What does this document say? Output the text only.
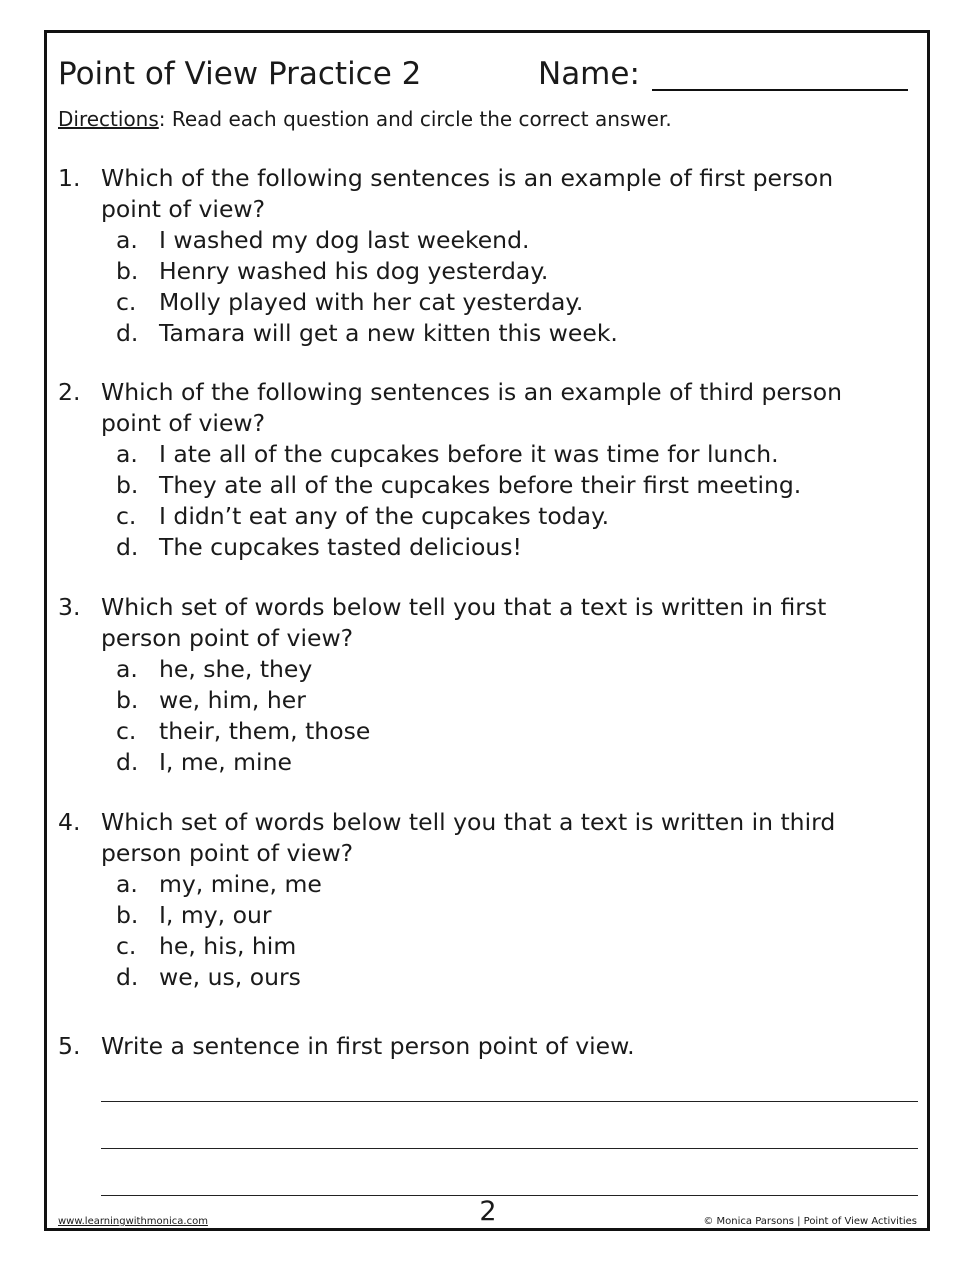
Point of View Practice 2	Name:
Directions: Read each question and circle the correct answer.
1. Which of the following sentences is an example of first person point of view?
a. I washed my dog last weekend.
b. Henry washed his dog yesterday.
c. Molly played with her cat yesterday.
d. Tamara will get a new kitten this week.
2. Which of the following sentences is an example of third person point of view?
a. I ate all of the cupcakes before it was time for lunch.
b. They ate all of the cupcakes before their first meeting.
c. I didn’t eat any of the cupcakes today.
d. The cupcakes tasted delicious!
3. Which set of words below tell you that a text is written in first person point of view?
a. he, she, they
b. we, him, her
c. their, them, those
d. I, me, mine
4. Which set of words below tell you that a text is written in third person point of view?
a. my, mine, me
b. I, my, our
c. he, his, him
d. we, us, ours
5. Write a sentence in first person point of view.
2
www.learningwithmonica.com	© Monica Parsons | Point of View Activities
